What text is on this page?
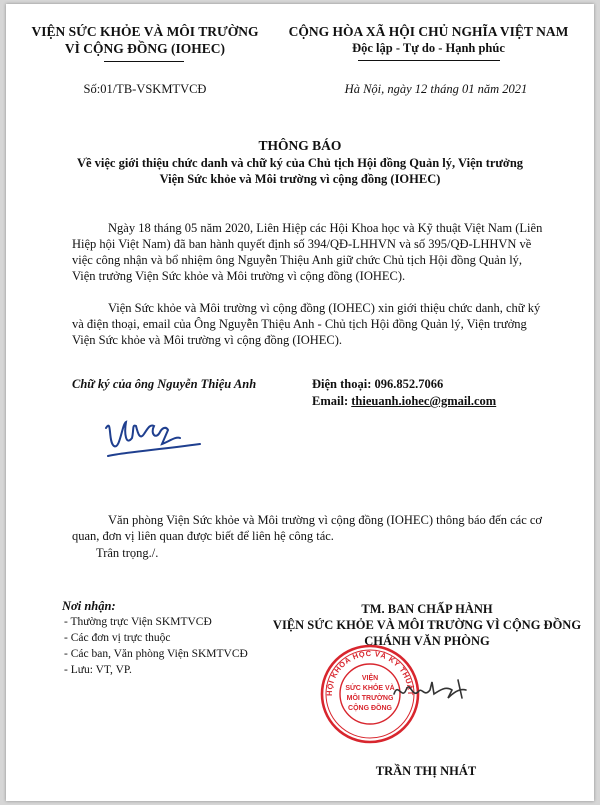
VIỆN SỨC KHỎE VÀ MÔI TRƯỜNG
VÌ CỘNG ĐỒNG (IOHEC)
CỘNG HÒA XÃ HỘI CHỦ NGHĨA VIỆT NAM
Độc lập - Tự do - Hạnh phúc
Số:01/TB-VSKMTVCĐ	Hà Nội, ngày 12 tháng 01 năm 2021
THÔNG BÁO
Về việc giới thiệu chức danh và chữ ký của Chủ tịch Hội đồng Quản lý, Viện trưởng
Viện Sức khỏe và Môi trường vì cộng đồng (IOHEC)
Ngày 18 tháng 05 năm 2020, Liên Hiệp các Hội Khoa học và Kỹ thuật Việt Nam (Liên
Hiệp hội Việt Nam) đã ban hành quyết định số 394/QĐ-LHHVN và số 395/QĐ-LHHVN về
việc công nhận và bổ nhiệm ông Nguyễn Thiệu Anh giữ chức Chủ tịch Hội đồng Quản lý,
Viện trưởng Viện Sức khỏe và Môi trường vì cộng đồng (IOHEC).
Viện Sức khỏe và Môi trường vì cộng đồng (IOHEC) xin giới thiệu chức danh, chữ ký
và điện thoại, email của Ông Nguyễn Thiệu Anh - Chủ tịch Hội đồng Quản lý, Viện trưởng
Viện Sức khỏe và Môi trường vì cộng đồng (IOHEC).
Chữ ký của ông Nguyễn Thiệu Anh	Điện thoại: 096.852.7066
Email: thieuanh.iohec@gmail.com
Văn phòng Viện Sức khỏe và Môi trường vì cộng đồng (IOHEC) thông báo đến các cơ
quan, đơn vị liên quan được biết để liên hệ công tác.
Trân trọng./.
Nơi nhận:
- Thường trực Viện SKMTVCĐ
- Các đơn vị trực thuộc
- Các ban, Văn phòng Viện SKMTVCĐ
- Lưu: VT, VP.
TM. BAN CHẤP HÀNH
VIỆN SỨC KHỎE VÀ MÔI TRƯỜNG VÌ CỘNG ĐỒNG
CHÁNH VĂN PHÒNG
HỘI KHOA HỌC VÀ KỸ THUẬT
VIỆN
SỨC KHỎE VÀ
MÔI TRƯỜNG
CỘNG ĐỒNG
TRẦN THỊ NHÁT
